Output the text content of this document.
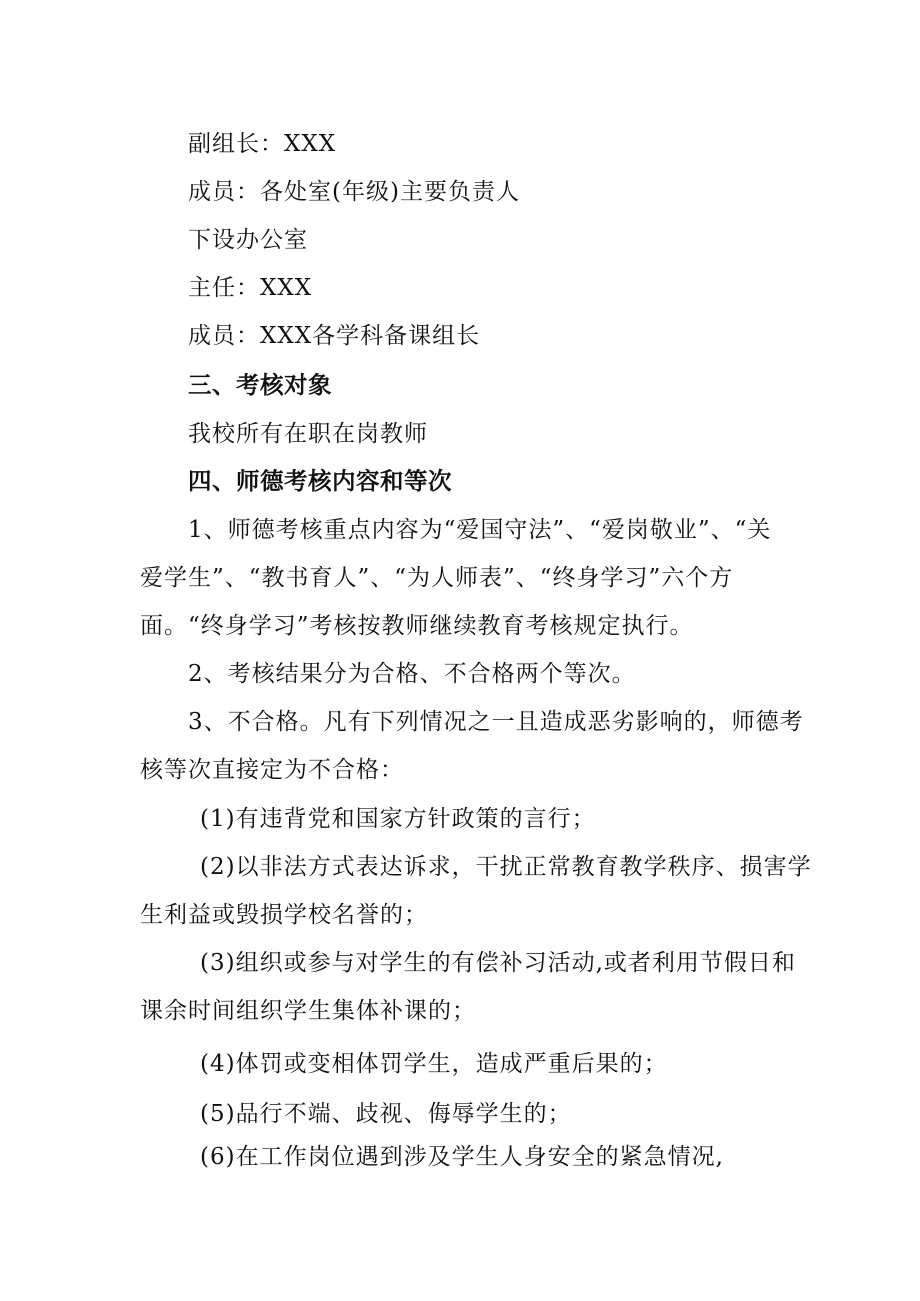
副组长：XXX

成员：各处室(年级)主要负责人

下设办公室

主任：XXX

成员：XXX各学科备课组长

三、考核对象

我校所有在职在岗教师

四、师德考核内容和等次

1、师德考核重点内容为“爱国守法”、“爱岗敬业”、“关

爱学生”、“教书育人”、“为人师表”、“终身学习”六个方

面。“终身学习”考核按教师继续教育考核规定执行。

2、考核结果分为合格、不合格两个等次。

3、不合格。凡有下列情况之一且造成恶劣影响的，师德考

核等次直接定为不合格：

(1)有违背党和国家方针政策的言行；

(2)以非法方式表达诉求，干扰正常教育教学秩序、损害学

生利益或毁损学校名誉的；

(3)组织或参与对学生的有偿补习活动,或者利用节假日和

课余时间组织学生集体补课的；

(4)体罚或变相体罚学生，造成严重后果的；

(5)品行不端、歧视、侮辱学生的；

(6)在工作岗位遇到涉及学生人身安全的紧急情况,
